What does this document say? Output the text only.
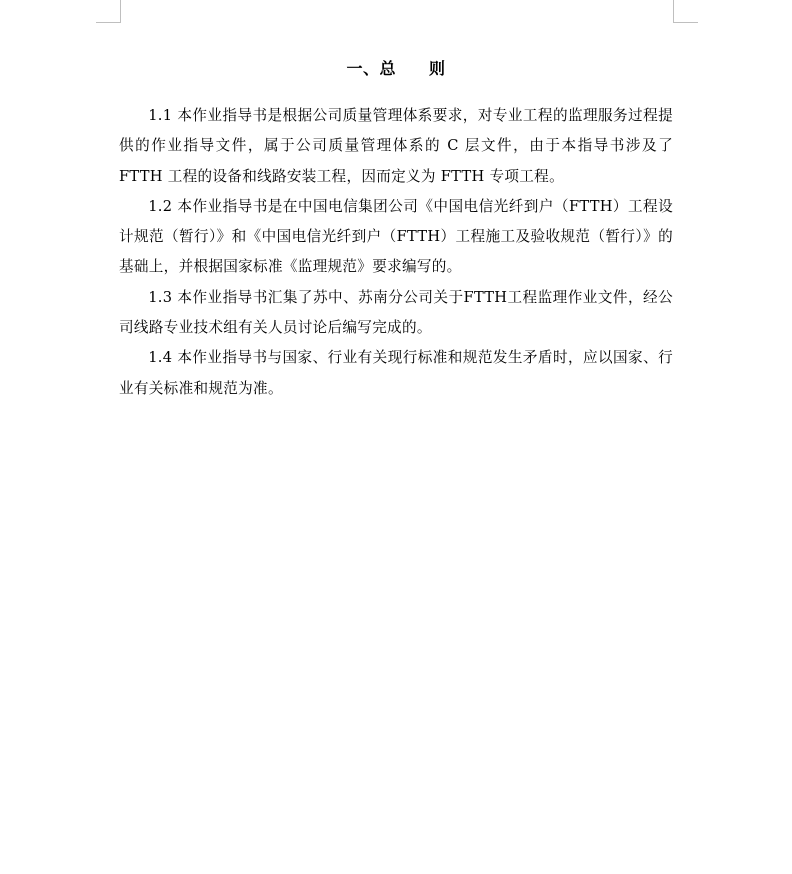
一、总　　则

1.1 本作业指导书是根据公司质量管理体系要求，对专业工程的监理服务过程提供的作业指导文件，属于公司质量管理体系的 C 层文件，由于本指导书涉及了 FTTH 工程的设备和线路安装工程，因而定义为 FTTH 专项工程。

1.2 本作业指导书是在中国电信集团公司《中国电信光纤到户（FTTH）工程设计规范（暂行）》和《中国电信光纤到户（FTTH）工程施工及验收规范（暂行）》的基础上，并根据国家标准《监理规范》要求编写的。

1.3 本作业指导书汇集了苏中、苏南分公司关于FTTH工程监理作业文件，经公司线路专业技术组有关人员讨论后编写完成的。

1.4 本作业指导书与国家、行业有关现行标准和规范发生矛盾时，应以国家、行业有关标准和规范为准。
